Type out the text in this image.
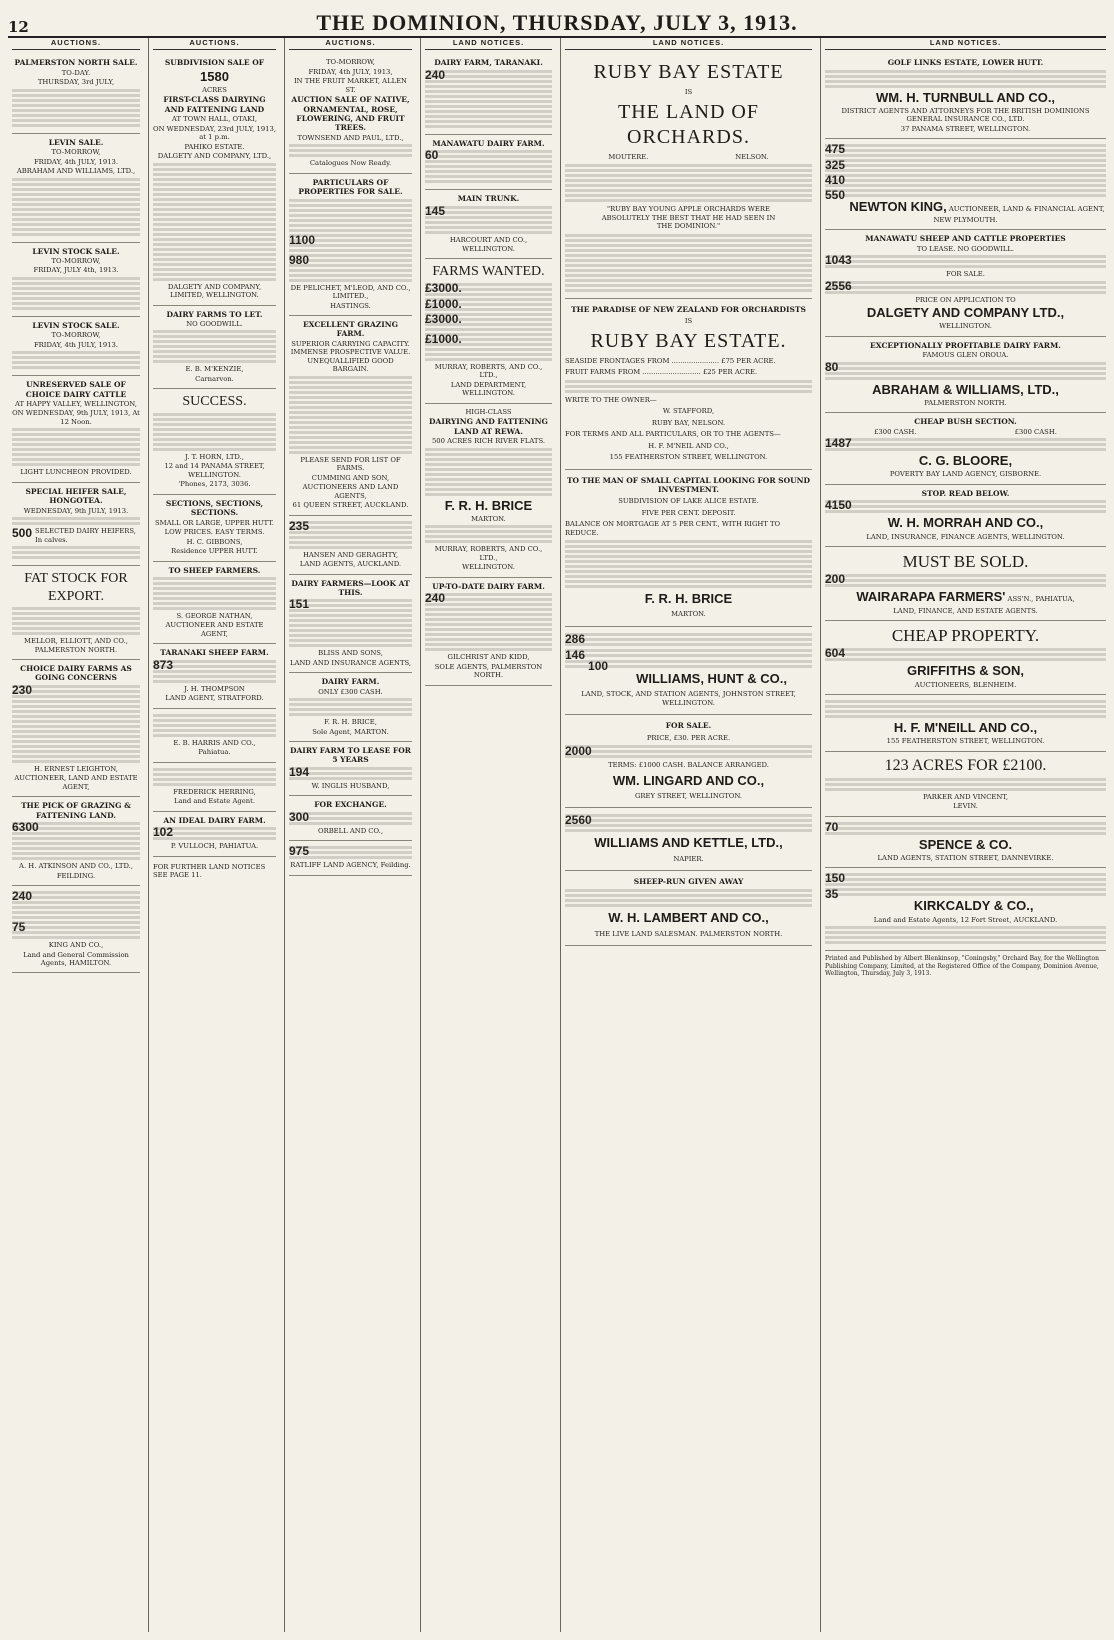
12	THE DOMINION, THURSDAY, JULY 3, 1913.
AUCTIONS.

PALMERSTON NORTH SALE.

TO-DAY.

THURSDAY, 3rd JULY,

LEVIN SALE.

TO-MORROW,

FRIDAY, 4th JULY, 1913.

ABRAHAM AND WILLIAMS, LTD.,

LEVIN STOCK SALE.

TO-MORROW,

FRIDAY, JULY 4th, 1913.

LEVIN STOCK SALE.

TO-MORROW,

FRIDAY, 4th JULY, 1913.

UNRESERVED SALE OF CHOICE DAIRY CATTLE

AT HAPPY VALLEY, WELLINGTON,

ON WEDNESDAY, 9th JULY, 1913, At 12 Noon.

LIGHT LUNCHEON PROVIDED.

SPECIAL HEIFER SALE, HONGOTEA.

WEDNESDAY, 9th JULY, 1913.

500 SELECTED DAIRY HEIFERS, In calves.

FAT STOCK FOR EXPORT.

MELLOR, ELLIOTT, AND CO., PALMERSTON NORTH.

CHOICE DAIRY FARMS AS GOING CONCERNS

230

H. ERNEST LEIGHTON,

AUCTIONEER, LAND AND ESTATE AGENT,

THE PICK OF GRAZING & FATTENING LAND.

6300

A. H. ATKINSON AND CO., LTD.,

FEILDING.

240

75

KING AND CO.,

Land and General Commission Agents, HAMILTON.

AUCTIONS.

SUBDIVISION SALE OF

1580

ACRES

FIRST-CLASS DAIRYING AND FATTENING LAND

AT TOWN HALL, OTAKI,

ON WEDNESDAY, 23rd JULY, 1913, at 1 p.m.

PAHIKO ESTATE.

DALGETY AND COMPANY, LTD.,

DALGETY AND COMPANY, LIMITED, WELLINGTON.

DAIRY FARMS TO LET.

NO GOODWILL.

E. B. M'KENZIE,

Carnarvon.

SUCCESS.

J. T. HORN, LTD.,

12 and 14 PANAMA STREET, WELLINGTON.

'Phones, 2173, 3036.

SECTIONS, SECTIONS, SECTIONS.

SMALL OR LARGE, UPPER HUTT.

LOW PRICES. EASY TERMS.

H. C. GIBBONS,

Residence UPPER HUTT.

TO SHEEP FARMERS.

S. GEORGE NATHAN,

AUCTIONEER AND ESTATE AGENT,

TARANAKI SHEEP FARM.

873

J. H. THOMPSON

LAND AGENT, STRATFORD.

E. B. HARRIS AND CO.,

Pahiatua.

FREDERICK HERRING,

Land and Estate Agent.

AN IDEAL DAIRY FARM.

102

P. VULLOCH, PAHIATUA.

FOR FURTHER LAND NOTICES SEE PAGE 11.

AUCTIONS.

TO-MORROW,

FRIDAY, 4th JULY, 1913,

IN THE FRUIT MARKET, ALLEN ST.

AUCTION SALE OF NATIVE, ORNAMENTAL, ROSE, FLOWERING, AND FRUIT TREES.

TOWNSEND AND PAUL, LTD.,

Catalogues Now Ready.

PARTICULARS OF PROPERTIES FOR SALE.

1100

980

DE PELICHET, M'LEOD, AND CO., LIMITED.,

HASTINGS.

EXCELLENT GRAZING FARM.

SUPERIOR CARRYING CAPACITY. IMMENSE PROSPECTIVE VALUE. UNEQUALLIFIED GOOD BARGAIN.

PLEASE SEND FOR LIST OF FARMS.

CUMMING AND SON,

AUCTIONEERS AND LAND AGENTS,

61 QUEEN STREET, AUCKLAND.

235

HANSEN AND GERAGHTY,

LAND AGENTS, AUCKLAND.

DAIRY FARMERS—LOOK AT THIS.

151

BLISS AND SONS,

LAND AND INSURANCE AGENTS,

DAIRY FARM.

ONLY £300 CASH.

F. R. H. BRICE,

Sole Agent, MARTON.

DAIRY FARM TO LEASE FOR 5 YEARS

194

W. INGLIS HUSBAND,

FOR EXCHANGE.

300

ORBELL AND CO.,

975

RATLIFF LAND AGENCY, Feilding.

LAND NOTICES.

DAIRY FARM, TARANAKI.

240

MANAWATU DAIRY FARM.

60

MAIN TRUNK.

145

HARCOURT AND CO.,

WELLINGTON.

FARMS WANTED.

£3000.

£1000.

£3000.

£1000.

MURRAY, ROBERTS, AND CO., LTD.,

LAND DEPARTMENT, WELLINGTON.

HIGH-CLASS

DAIRYING AND FATTENING LAND AT REWA.

500 ACRES RICH RIVER FLATS.

F. R. H. BRICE

MARTON.

MURRAY, ROBERTS, AND CO., LTD.,

WELLINGTON.

UP-TO-DATE DAIRY FARM.

240

GILCHRIST AND KIDD,

SOLE AGENTS, PALMERSTON NORTH.

LAND NOTICES.

RUBY BAY ESTATE

IS

THE LAND OF ORCHARDS.

MOUTERE.	NELSON.

"RUBY BAY YOUNG APPLE ORCHARDS WERE ABSOLUTELY THE BEST THAT HE HAD SEEN IN THE DOMINION."

THE PARADISE OF NEW ZEALAND FOR ORCHARDISTS

IS

RUBY BAY ESTATE.

SEASIDE FRONTAGES FROM ...................... £75 PER ACRE.

FRUIT FARMS FROM ........................... £25 PER ACRE.

WRITE TO THE OWNER—

W. STAFFORD,

RUBY BAY, NELSON.

FOR TERMS AND ALL PARTICULARS, OR TO THE AGENTS—

H. F. M'NEIL AND CO.,

155 FEATHERSTON STREET, WELLINGTON.

TO THE MAN OF SMALL CAPITAL LOOKING FOR SOUND INVESTMENT.

SUBDIVISION OF LAKE ALICE ESTATE.

FIVE PER CENT. DEPOSIT.

BALANCE ON MORTGAGE AT 5 PER CENT., WITH RIGHT TO REDUCE.

F. R. H. BRICE

MARTON.

286

146

100

WILLIAMS, HUNT & CO.,

LAND, STOCK, AND STATION AGENTS, JOHNSTON STREET, WELLINGTON.

FOR SALE.

PRICE, £30. PER ACRE.

2000

TERMS: £1000 CASH. BALANCE ARRANGED.

WM. LINGARD AND CO.,

GREY STREET, WELLINGTON.

2560

WILLIAMS AND KETTLE, LTD.,

NAPIER.

SHEEP-RUN GIVEN AWAY

W. H. LAMBERT AND CO.,

THE LIVE LAND SALESMAN. PALMERSTON NORTH.

LAND NOTICES.

GOLF LINKS ESTATE, LOWER HUTT.

WM. H. TURNBULL AND CO.,

DISTRICT AGENTS AND ATTORNEYS FOR THE BRITISH DOMINIONS GENERAL INSURANCE CO., LTD.

37 PANAMA STREET, WELLINGTON.

475

325

410

550

NEWTON KING, AUCTIONEER, LAND & FINANCIAL AGENT, NEW PLYMOUTH.

MANAWATU SHEEP AND CATTLE PROPERTIES

TO LEASE. NO GOODWILL.

1043

FOR SALE.

2556

PRICE ON APPLICATION TO

DALGETY AND COMPANY LTD.,

WELLINGTON.

EXCEPTIONALLY PROFITABLE DAIRY FARM.

FAMOUS GLEN OROUA.

80

ABRAHAM & WILLIAMS, LTD.,

PALMERSTON NORTH.

CHEAP BUSH SECTION.

£300 CASH.	£300 CASH.

1487

C. G. BLOORE,

POVERTY BAY LAND AGENCY, GISBORNE.

STOP. READ BELOW.

4150

W. H. MORRAH AND CO.,

LAND, INSURANCE, FINANCE AGENTS, WELLINGTON.

MUST BE SOLD.

200

WAIRARAPA FARMERS' ASS'N., PAHIATUA,

LAND, FINANCE, AND ESTATE AGENTS.

CHEAP PROPERTY.

604

GRIFFITHS & SON,

AUCTIONEERS, BLENHEIM.

H. F. M'NEILL AND CO.,

155 FEATHERSTON STREET, WELLINGTON.

123 ACRES FOR £2100.

PARKER AND VINCENT,

LEVIN.

70

SPENCE & CO.

LAND AGENTS, STATION STREET, DANNEVIRKE.

150

35

KIRKCALDY & CO.,

Land and Estate Agents, 12 Fort Street, AUCKLAND.

Printed and Published by Albert Blenkinsop, "Coningsby," Orchard Bay, for the Wellington Publishing Company, Limited, at the Registered Office of the Company, Dominion Avenue, Wellington, Thursday, July 3, 1913.
